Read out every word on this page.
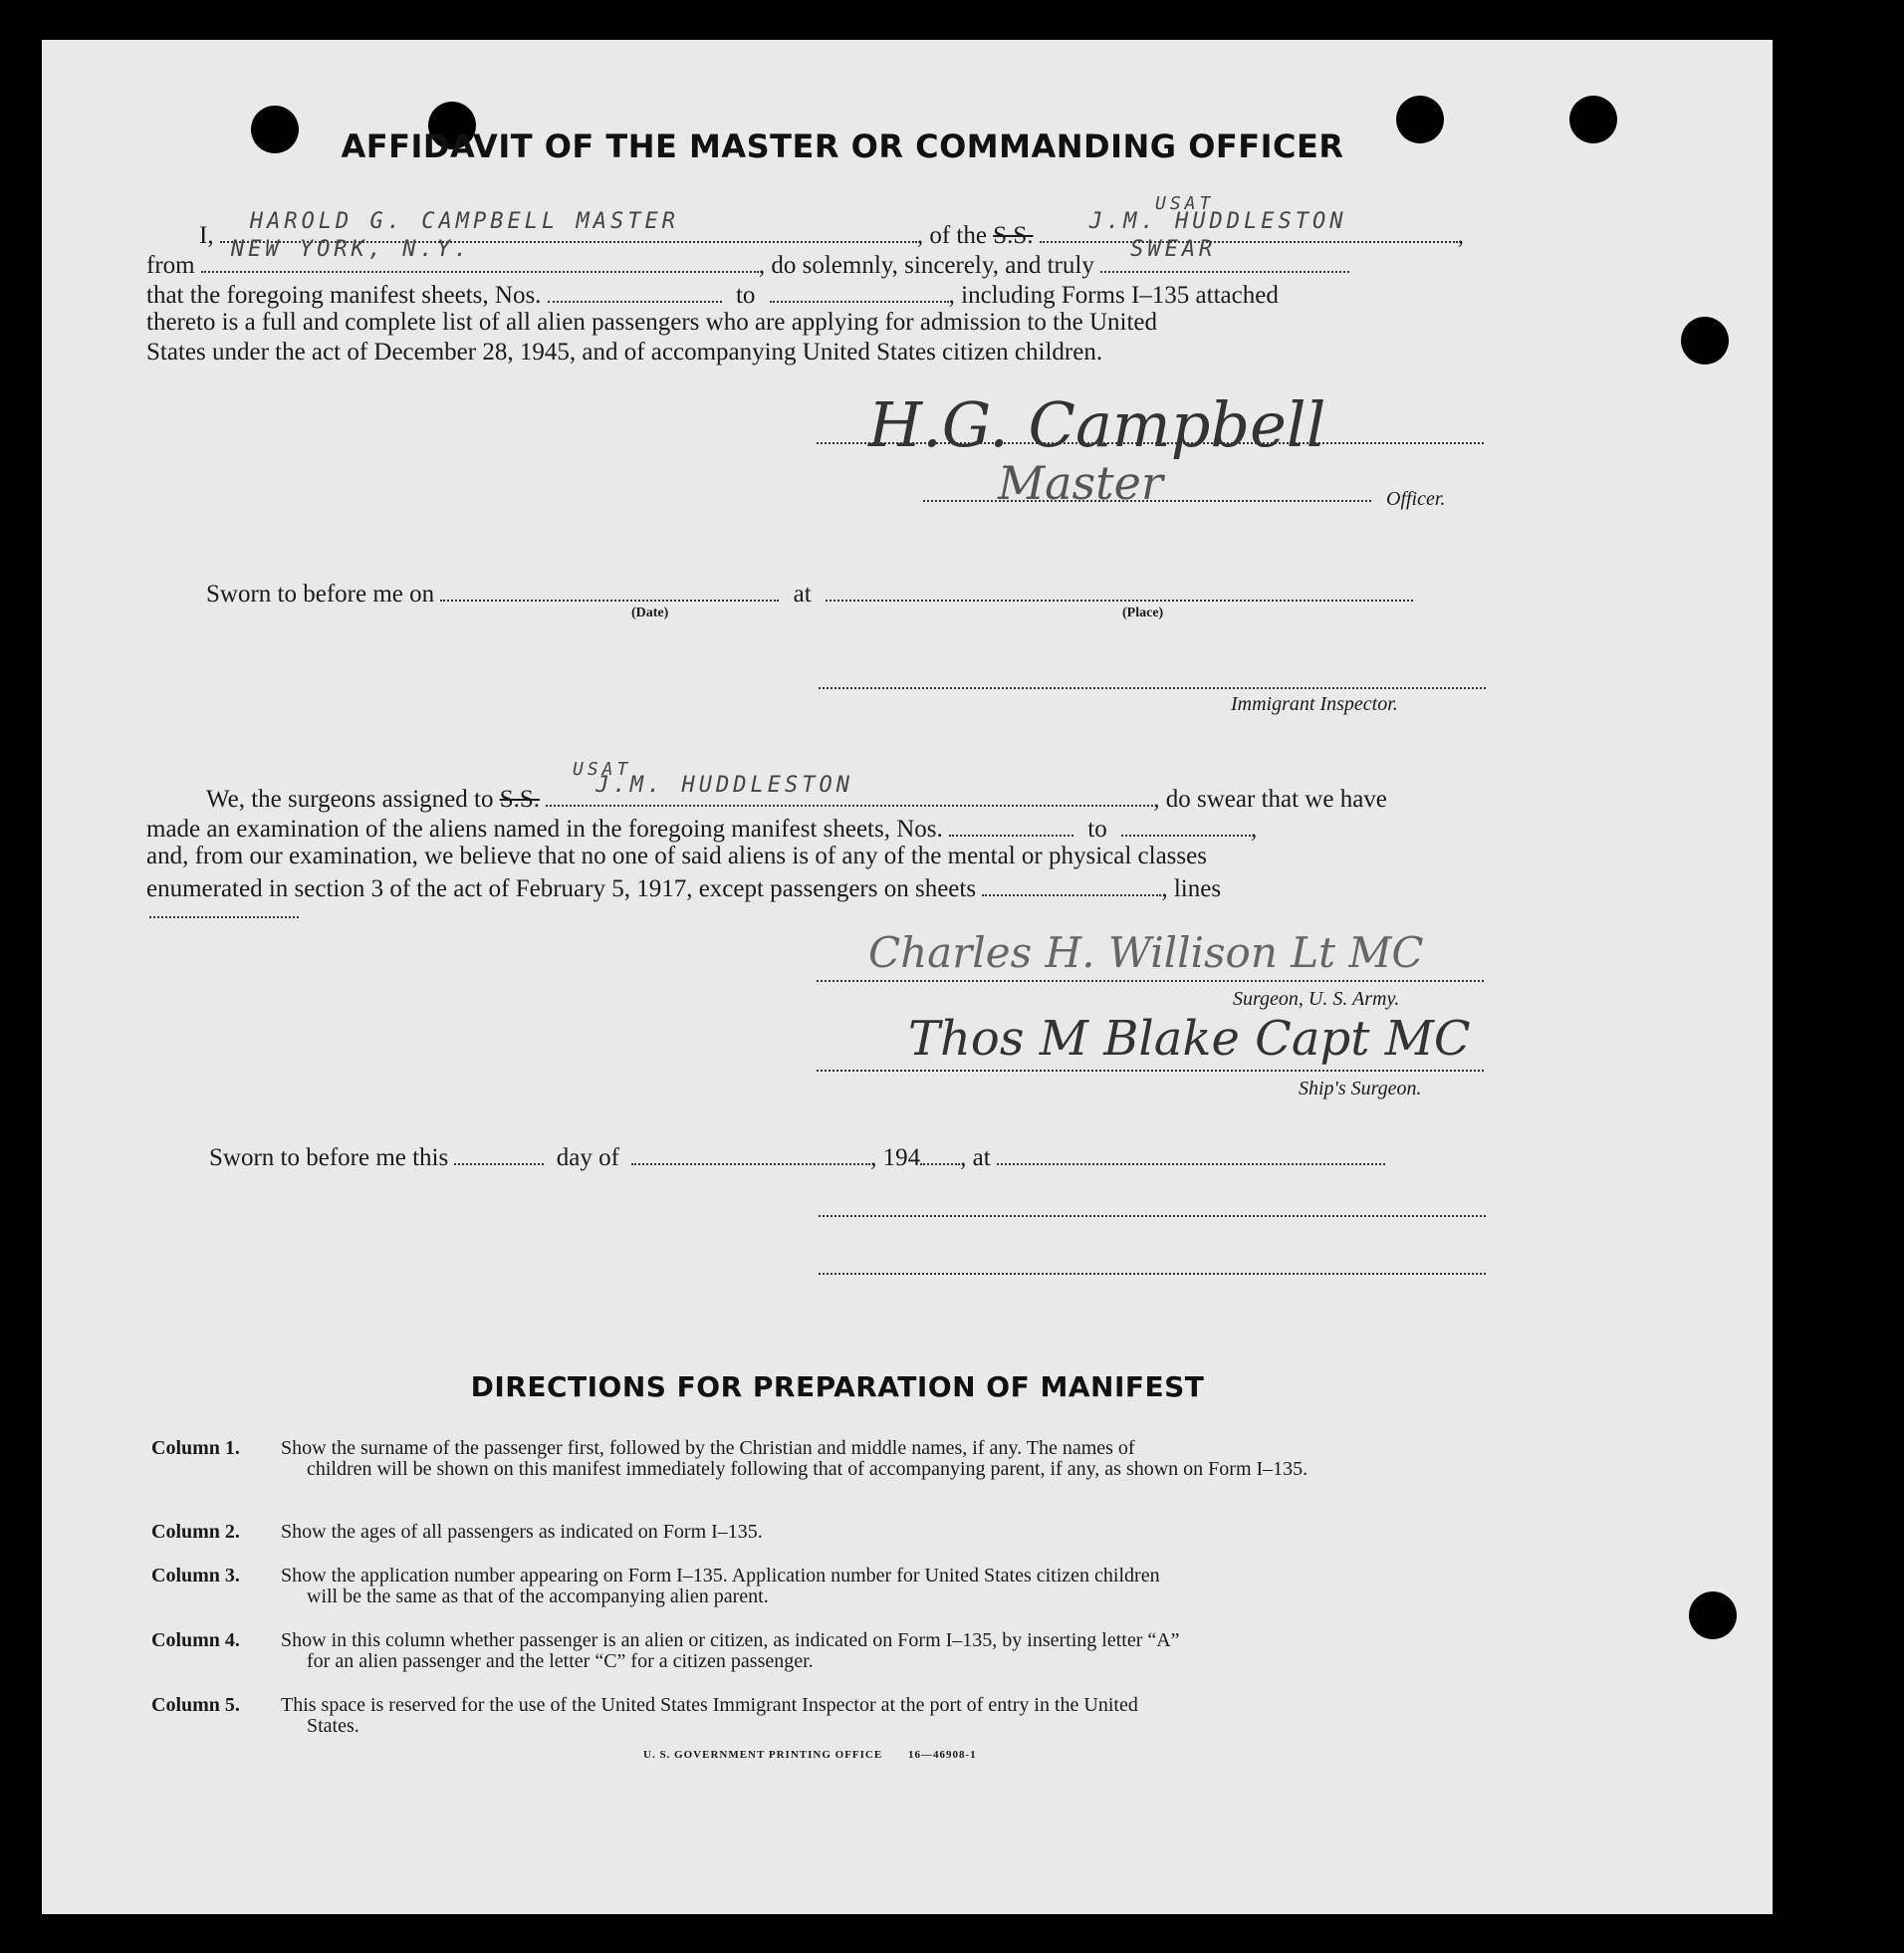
AFFIDAVIT OF THE MASTER OR COMMANDING OFFICER
I,
HAROLD G. CAMPBELL MASTER
, of the S.S.
USAT
J.M. HUDDLESTON
,
from
NEW YORK, N.Y.
, do solemnly, sincerely, and truly
SWEAR
that the foregoing manifest sheets, Nos.	to	, including Forms I–135 attached
thereto is a full and complete list of all alien passengers who are applying for admission to the United
States under the act of December 28, 1945, and of accompanying United States citizen children.
H.G. Campbell
Master	Officer.
Sworn to before me on	at
(Date)	(Place)
Immigrant Inspector.
We, the surgeons assigned to S.S.
USAT
J.M. HUDDLESTON
, do swear that we have
made an examination of the aliens named in the foregoing manifest sheets, Nos.	to	,
and, from our examination, we believe that no one of said aliens is of any of the mental or physical classes
enumerated in section 3 of the act of February 5, 1917, except passengers on sheets	, lines
Charles H. Willison Lt MC
Surgeon, U. S. Army.
Thos M Blake Capt MC
Ship's Surgeon.
Sworn to before me this	day of	, 194 , at
DIRECTIONS FOR PREPARATION OF MANIFEST
Column 1. Show the surname of the passenger first, followed by the Christian and middle names, if any. The names of
children will be shown on this manifest immediately following that of accompanying parent, if any, as shown on Form I–135.
Column 2. Show the ages of all passengers as indicated on Form I–135.
Column 3. Show the application number appearing on Form I–135. Application number for United States citizen children
will be the same as that of the accompanying alien parent.
Column 4. Show in this column whether passenger is an alien or citizen, as indicated on Form I–135, by inserting letter “A”
for an alien passenger and the letter “C” for a citizen passenger.
Column 5. This space is reserved for the use of the United States Immigrant Inspector at the port of entry in the United
States.
U. S. GOVERNMENT PRINTING OFFICE 16—46908-1
